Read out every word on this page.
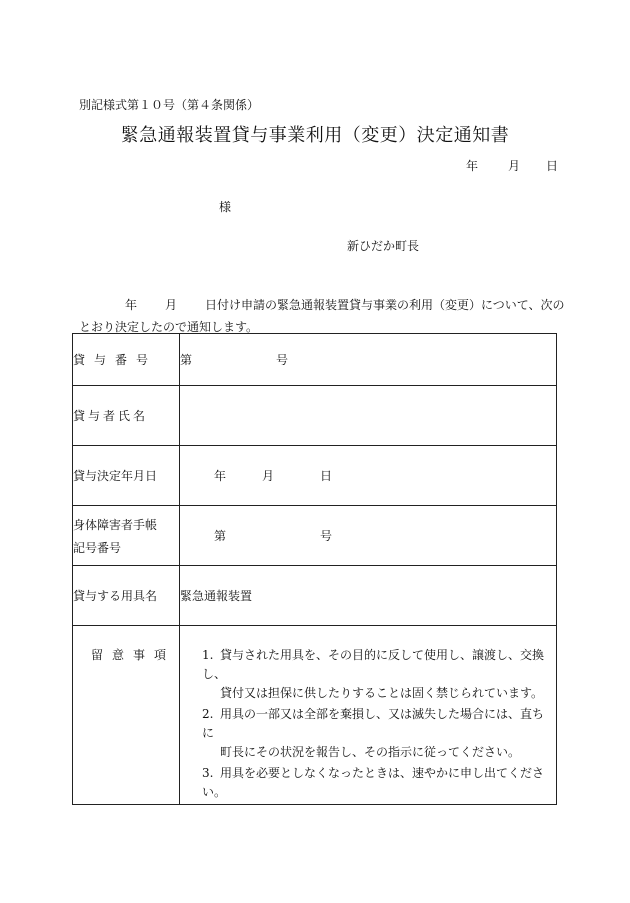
別記様式第１０号（第４条関係）
緊急通報装置貸与事業利用（変更）決定通知書
年	月 日
様
新ひだか町長
年 月 日付け申請の緊急通報装置貸与事業の利用（変更）について、次の
とおり決定したので通知します。
貸与番号	第 号
貸与者氏名	
貸与決定年月日	年 月 日

身体障害者手帳
記号番号	第 号
貸与する用具名	緊急通報装置
留意事項	1. 貸与された用具を、その目的に反して使用し、譲渡し、交換し、
貸付又は担保に供したりすることは固く禁じられています。
2. 用具の一部又は全部を棄損し、又は滅失した場合には、直ちに
町長にその状況を報告し、その指示に従ってください。
3. 用具を必要としなくなったときは、速やかに申し出てください。
